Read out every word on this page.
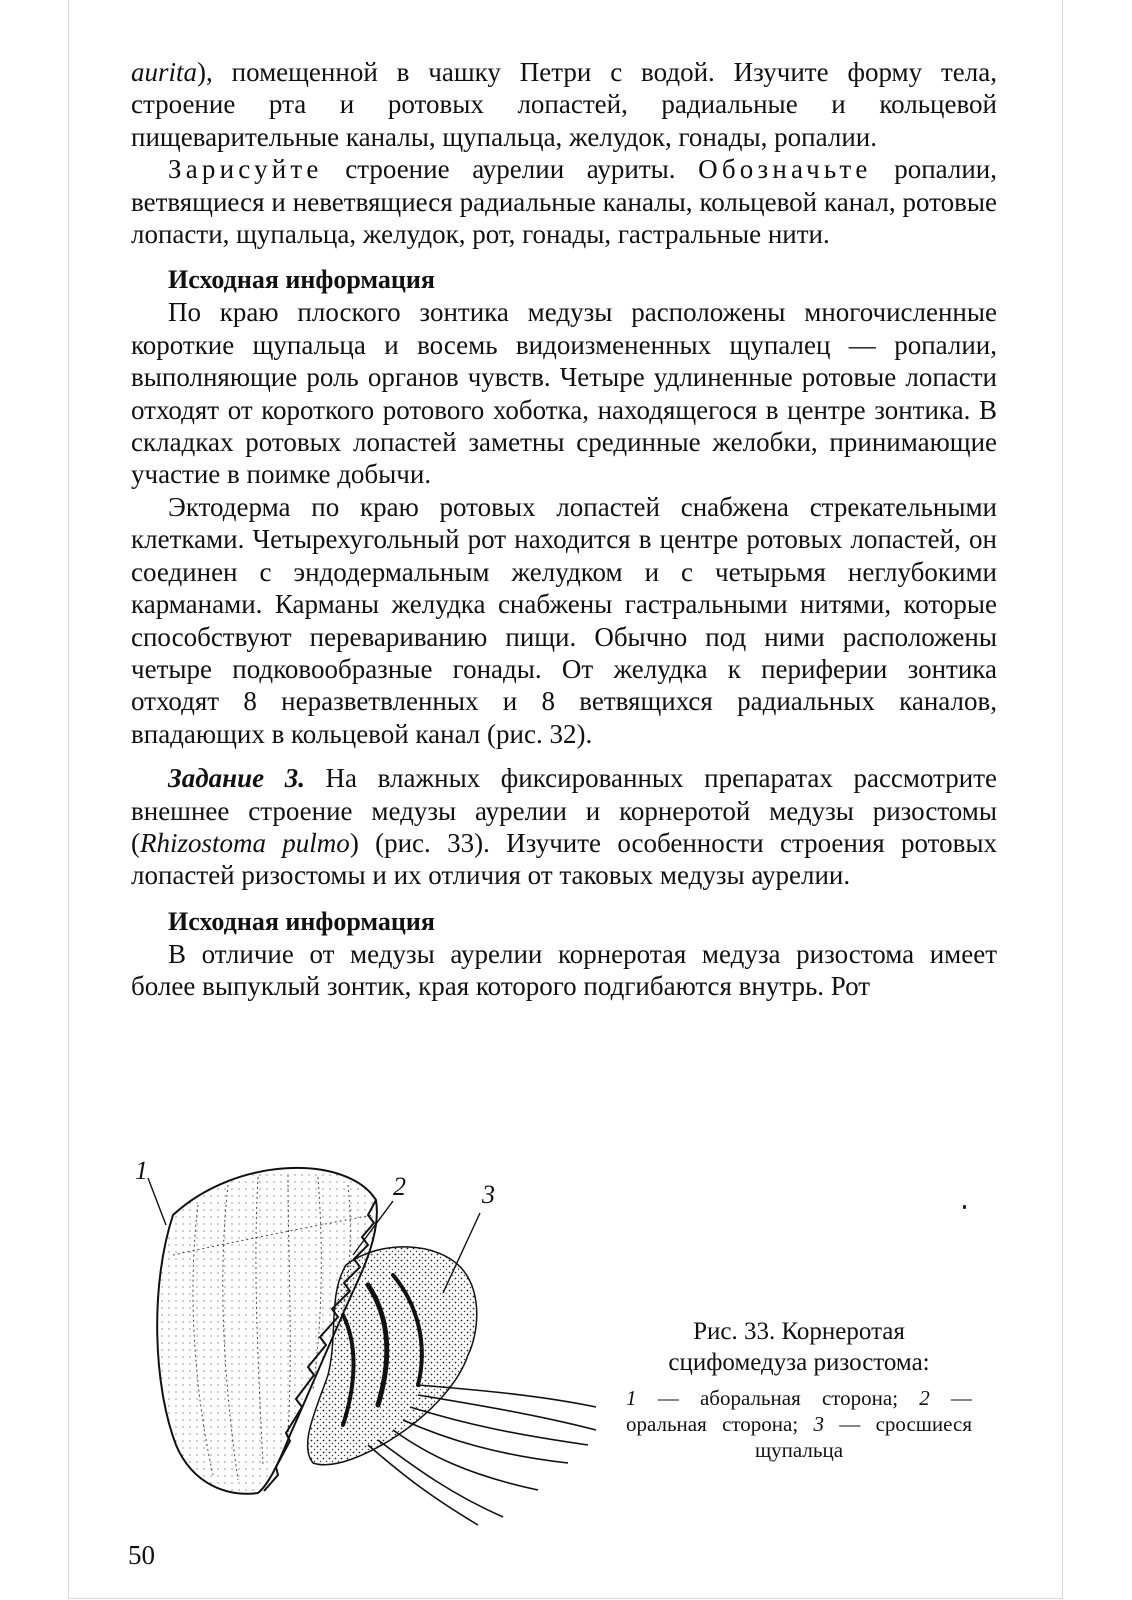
aurita), помещенной в чашку Петри с водой. Изучите форму тела, строение рта и ротовых лопастей, радиальные и кольцевой пищеварительные каналы, щупальца, желудок, гонады, ропалии.

Зарисуйте строение аурелии ауриты. Обозначьте ропалии, ветвящиеся и неветвящиеся радиальные каналы, кольцевой канал, ротовые лопасти, щупальца, желудок, рот, гонады, гастральные нити.

Исходная информация

По краю плоского зонтика медузы расположены многочисленные короткие щупальца и восемь видоизмененных щупалец — ропалии, выполняющие роль органов чувств. Четыре удлиненные ротовые лопасти отходят от короткого ротового хоботка, находящегося в центре зонтика. В складках ротовых лопастей заметны срединные желобки, принимающие участие в поимке добычи.

Эктодерма по краю ротовых лопастей снабжена стрекательными клетками. Четырехугольный рот находится в центре ротовых лопастей, он соединен с эндодермальным желудком и с четырьмя неглубокими карманами. Карманы желудка снабжены гастральными нитями, которые способствуют перевариванию пищи. Обычно под ними расположены четыре подковообразные гонады. От желудка к периферии зонтика отходят 8 неразветвленных и 8 ветвящихся радиальных каналов, впадающих в кольцевой канал (рис. 32).

Задание 3. На влажных фиксированных препаратах рассмотрите внешнее строение медузы аурелии и корнеротой медузы ризостомы (Rhizostoma pulmo) (рис. 33). Изучите особенности строения ротовых лопастей ризостомы и их отличия от таковых медузы аурелии.

Исходная информация

В отличие от медузы аурелии корнеротая медуза ризостома имеет более выпуклый зонтик, края которого подгибаются внутрь. Рот

1
2	3

Рис. 33. Корнеротая сцифомедуза ризостома:

1 — аборальная сторона; 2 — оральная сторона; 3 — сросшиеся щупальца

50
